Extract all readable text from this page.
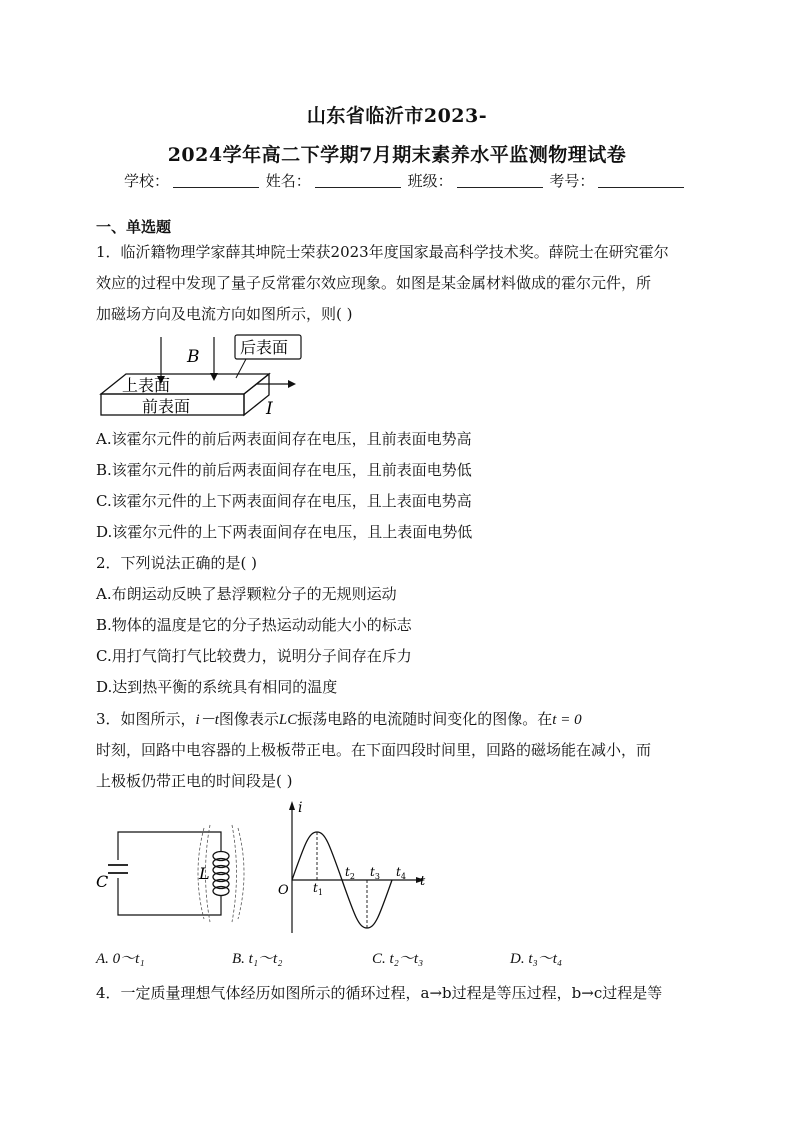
山东省临沂市2023-
2024学年高二下学期7月期末素养水平监测物理试卷
学校：	姓名：	班级：	考号：
一、单选题
1．临沂籍物理学家薛其坤院士荣获2023年度国家最高科学技术奖。薛院士在研究霍尔
效应的过程中发现了量子反常霍尔效应现象。如图是某金属材料做成的霍尔元件，所
加磁场方向及电流方向如图所示，则( )
后表面
B
上表面
前表面	I
A.该霍尔元件的前后两表面间存在电压，且前表面电势高
B.该霍尔元件的前后两表面间存在电压，且前表面电势低
C.该霍尔元件的上下两表面间存在电压，且上表面电势高
D.该霍尔元件的上下两表面间存在电压，且上表面电势低
2．下列说法正确的是( )
A.布朗运动反映了悬浮颗粒分子的无规则运动
B.物体的温度是它的分子热运动动能大小的标志
C.用打气筒打气比较费力，说明分子间存在斥力
D.达到热平衡的系统具有相同的温度
3．如图所示，i－t图像表示LC振荡电路的电流随时间变化的图像。在t = 0
时刻，回路中电容器的上极板带正电。在下面四段时间里，回路的磁场能在减小，而
上极板仍带正电的时间段是( )
C	L
i
t
O $t_1$
$t_2$ $t_3$ $t_4$
A. 0～t₁	B. t₁～t₂	C. t₂～t₃	D. t₃～t₄
4．一定质量理想气体经历如图所示的循环过程，a→b过程是等压过程，b→c过程是等
